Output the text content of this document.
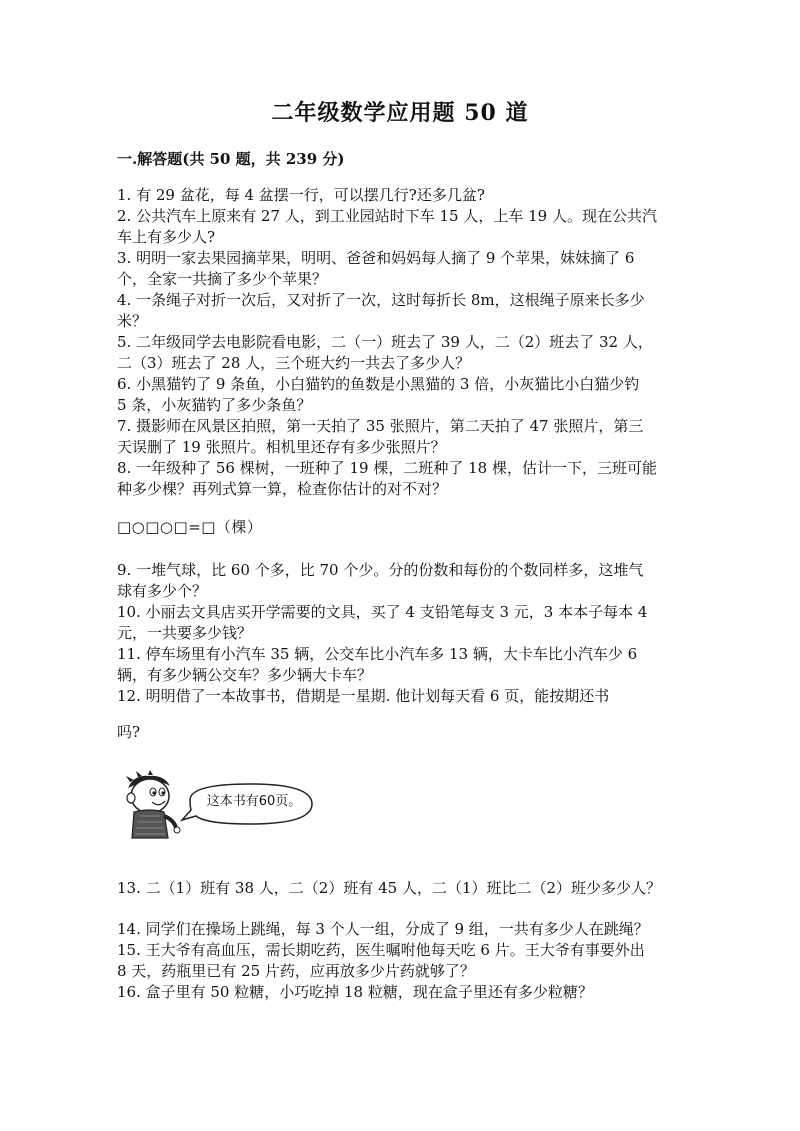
二年级数学应用题 50 道
一.解答题(共 50 题，共 239 分)

1. 有 29 盆花，每 4 盆摆一行，可以摆几行?还多几盆?

2. 公共汽车上原来有 27 人，到工业园站时下车 15 人，上车 19 人。现在公共汽

车上有多少人?

3. 明明一家去果园摘苹果，明明、爸爸和妈妈每人摘了 9 个苹果，妹妹摘了 6

个，全家一共摘了多少个苹果？

4. 一条绳子对折一次后，又对折了一次，这时每折长 8m，这根绳子原来长多少

米？

5. 二年级同学去电影院看电影，二（一）班去了 39 人，二（2）班去了 32 人，

二（3）班去了 28 人，三个班大约一共去了多少人？

6. 小黑猫钓了 9 条鱼，小白猫钓的鱼数是小黑猫的 3 倍，小灰猫比小白猫少钓

5 条，小灰猫钓了多少条鱼？

7. 摄影师在风景区拍照，第一天拍了 35 张照片，第二天拍了 47 张照片，第三

天误删了 19 张照片。相机里还存有多少张照片？

8. 一年级种了 56 棵树，一班种了 19 棵，二班种了 18 棵，估计一下，三班可能

种多少棵？再列式算一算，检查你估计的对不对？

□○□○□=□（棵）

9. 一堆气球，比 60 个多，比 70 个少。分的份数和每份的个数同样多，这堆气

球有多少个？

10. 小丽去文具店买开学需要的文具，买了 4 支铅笔每支 3 元，3 本本子每本 4

元，一共要多少钱？

11. 停车场里有小汽车 35 辆，公交车比小汽车多 13 辆，大卡车比小汽车少 6

辆，有多少辆公交车？多少辆大卡车？

12. 明明借了一本故事书，借期是一星期. 他计划每天看 6 页，能按期还书

吗?

这本书有60页。

13. 二（1）班有 38 人，二（2）班有 45 人，二（1）班比二（2）班少多少人？

14. 同学们在操场上跳绳，每 3 个人一组，分成了 9 组，一共有多少人在跳绳？

15. 王大爷有高血压，需长期吃药，医生嘱咐他每天吃 6 片。王大爷有事要外出

8 天，药瓶里已有 25 片药，应再放多少片药就够了？

16. 盒子里有 50 粒糖，小巧吃掉 18 粒糖，现在盒子里还有多少粒糖？
